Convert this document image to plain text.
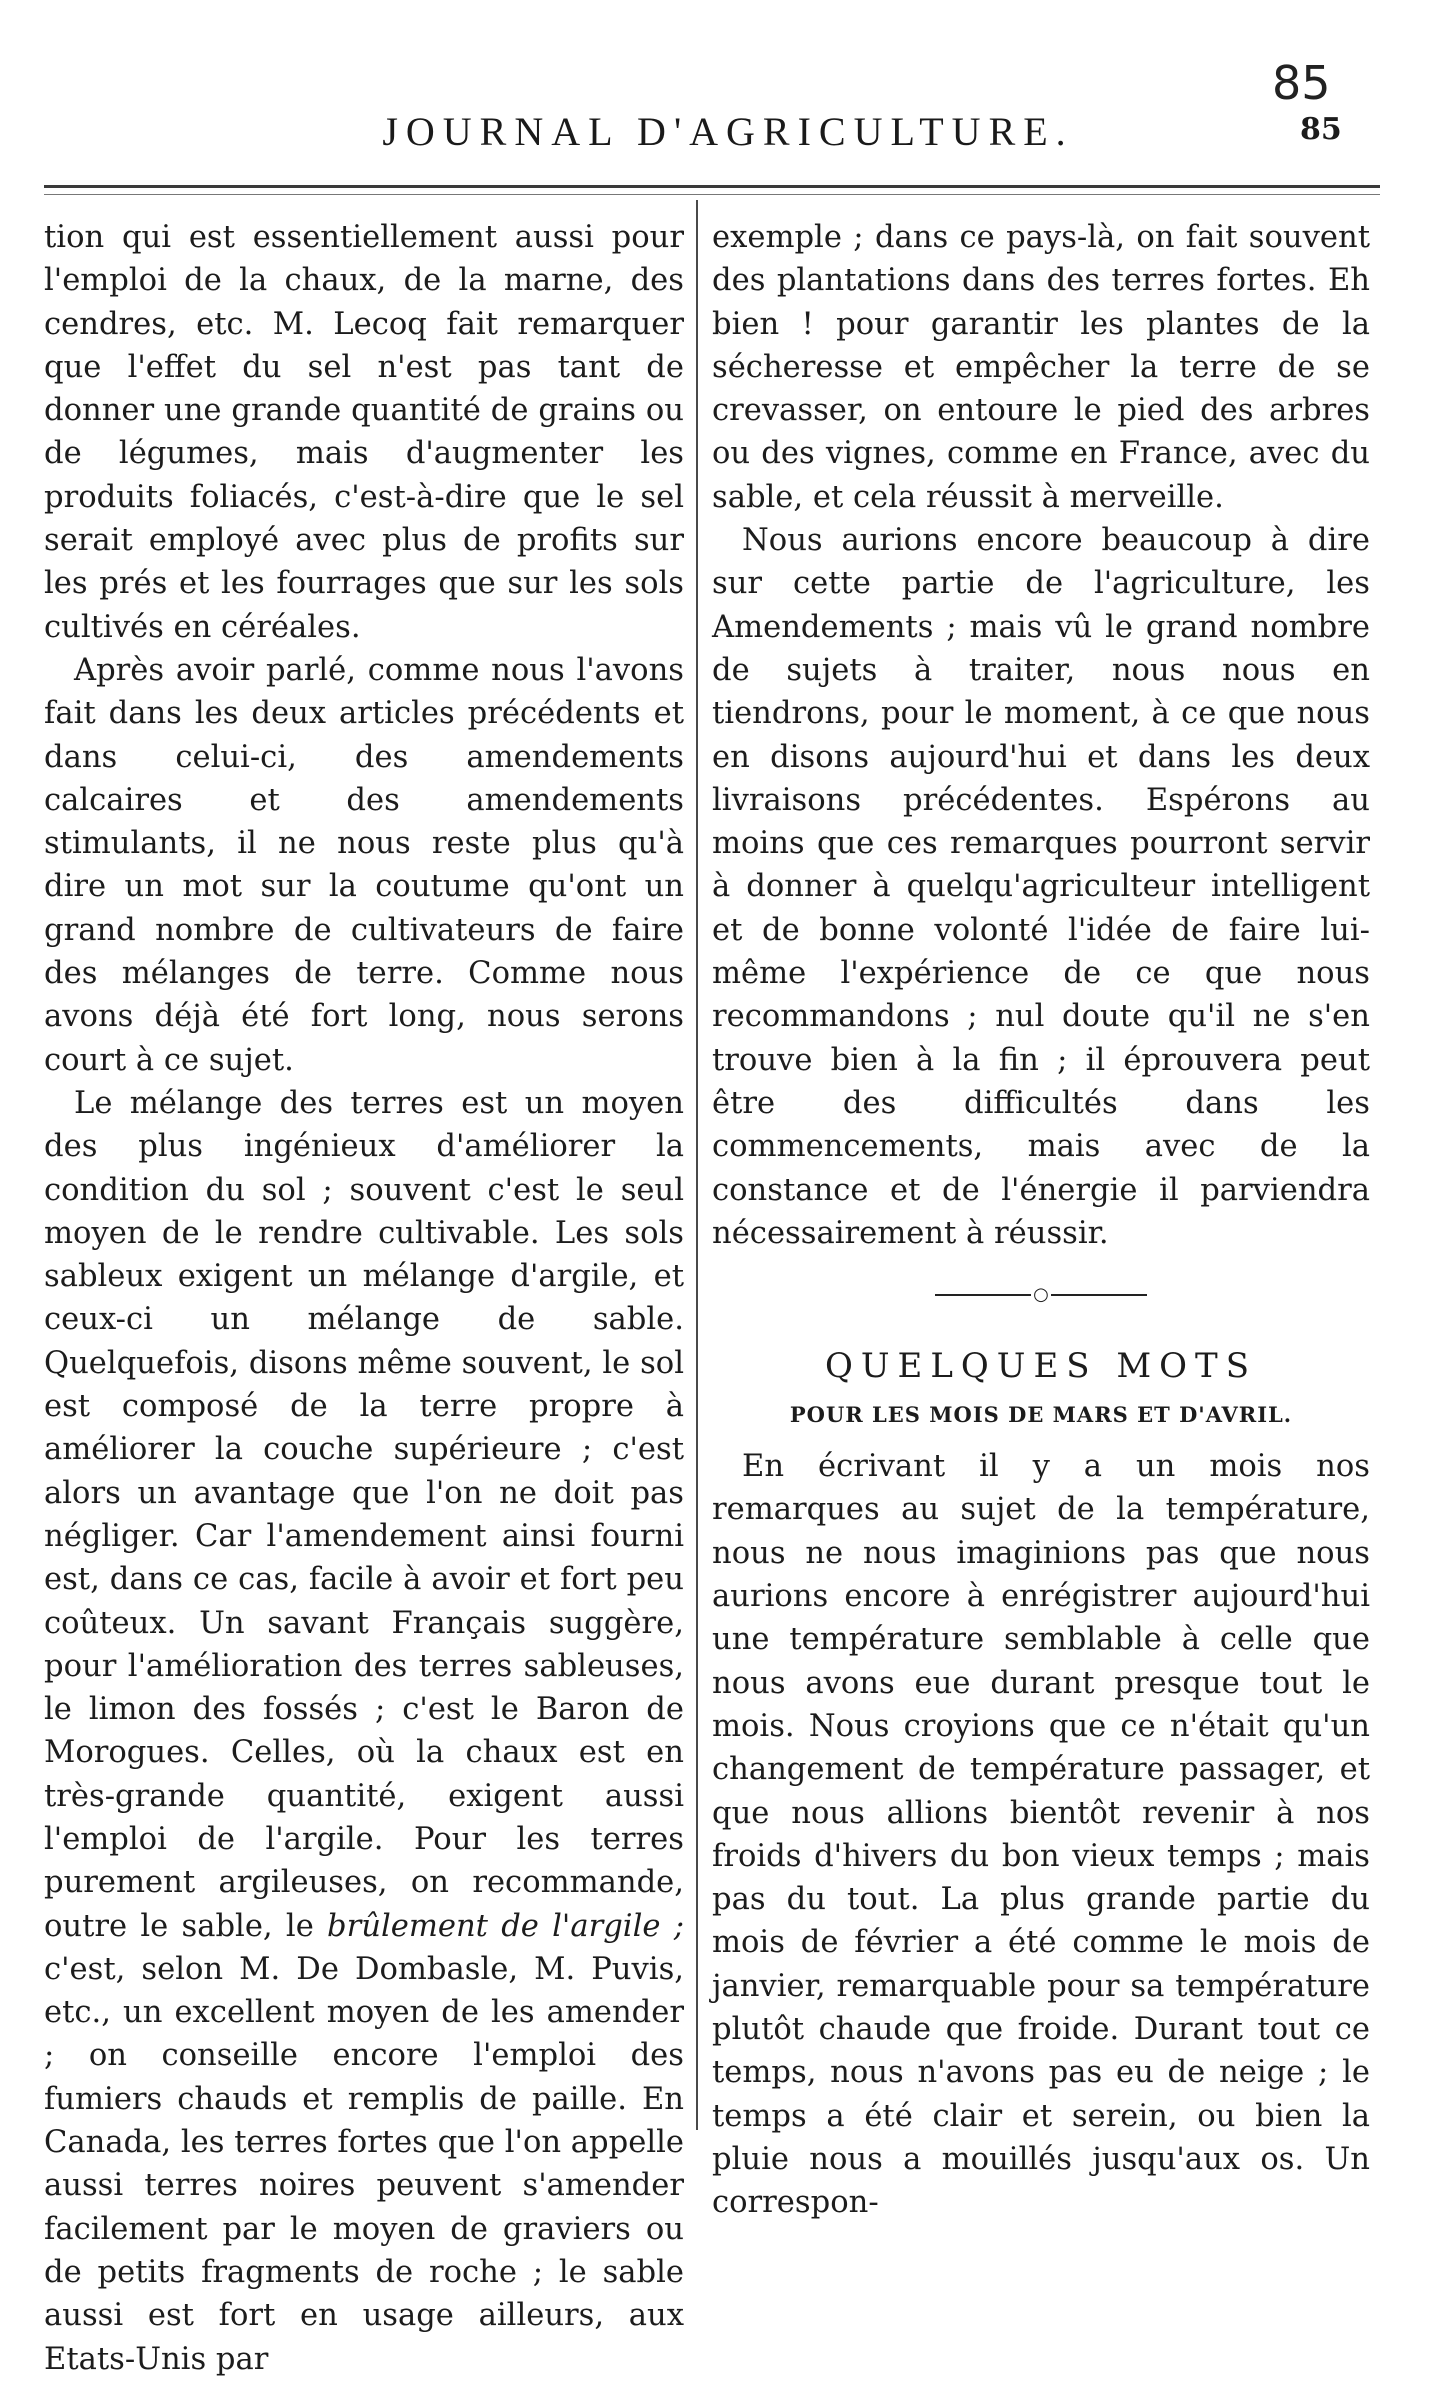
85
JOURNAL D'AGRICULTURE.	85

tion qui est essentiellement aussi pour l'emploi de la chaux, de la marne, des cendres, etc. M. Lecoq fait remarquer que l'effet du sel n'est pas tant de donner une grande quantité de grains ou de légumes, mais d'augmenter les produits foliacés, c'est-à-dire que le sel serait employé avec plus de profits sur les prés et les fourrages que sur les sols cultivés en céréales.

Après avoir parlé, comme nous l'avons fait dans les deux articles précédents et dans celui-ci, des amendements calcaires et des amendements stimulants, il ne nous reste plus qu'à dire un mot sur la coutume qu'ont un grand nombre de cultivateurs de faire des mélanges de terre. Comme nous avons déjà été fort long, nous serons court à ce sujet.

Le mélange des terres est un moyen des plus ingénieux d'améliorer la condition du sol ; souvent c'est le seul moyen de le rendre cultivable. Les sols sableux exigent un mélange d'argile, et ceux-ci un mélange de sable. Quelquefois, disons même souvent, le sol est composé de la terre propre à améliorer la couche supérieure ; c'est alors un avantage que l'on ne doit pas négliger. Car l'amendement ainsi fourni est, dans ce cas, facile à avoir et fort peu coûteux. Un savant Français suggère, pour l'amélioration des terres sableuses, le limon des fossés ; c'est le Baron de Morogues. Celles, où la chaux est en très-grande quantité, exigent aussi l'emploi de l'argile. Pour les terres purement argileuses, on recommande, outre le sable, le brûlement de l'argile ; c'est, selon M. De Dombasle, M. Puvis, etc., un excellent moyen de les amender ; on conseille encore l'emploi des fumiers chauds et remplis de paille. En Canada, les terres fortes que l'on appelle aussi terres noires peuvent s'amender facilement par le moyen de graviers ou de petits fragments de roche ; le sable aussi est fort en usage ailleurs, aux Etats-Unis par

exemple ; dans ce pays-là, on fait souvent des plantations dans des terres fortes. Eh bien ! pour garantir les plantes de la sécheresse et empêcher la terre de se crevasser, on entoure le pied des arbres ou des vignes, comme en France, avec du sable, et cela réussit à merveille.

Nous aurions encore beaucoup à dire sur cette partie de l'agriculture, les Amendements ; mais vû le grand nombre de sujets à traiter, nous nous en tiendrons, pour le moment, à ce que nous en disons aujourd'hui et dans les deux livraisons précédentes. Espérons au moins que ces remarques pourront servir à donner à quelqu'agriculteur intelligent et de bonne volonté l'idée de faire lui-même l'expérience de ce que nous recommandons ; nul doute qu'il ne s'en trouve bien à la fin ; il éprouvera peut être des difficultés dans les commencements, mais avec de la constance et de l'énergie il parviendra nécessairement à réussir.

○
QUELQUES MOTS
POUR LES MOIS DE MARS ET D'AVRIL.

En écrivant il y a un mois nos remarques au sujet de la température, nous ne nous imaginions pas que nous aurions encore à enrégistrer aujourd'hui une température semblable à celle que nous avons eue durant presque tout le mois. Nous croyions que ce n'était qu'un changement de température passager, et que nous allions bientôt revenir à nos froids d'hivers du bon vieux temps ; mais pas du tout. La plus grande partie du mois de février a été comme le mois de janvier, remarquable pour sa température plutôt chaude que froide. Durant tout ce temps, nous n'avons pas eu de neige ; le temps a été clair et serein, ou bien la pluie nous a mouillés jusqu'aux os. Un correspon-
